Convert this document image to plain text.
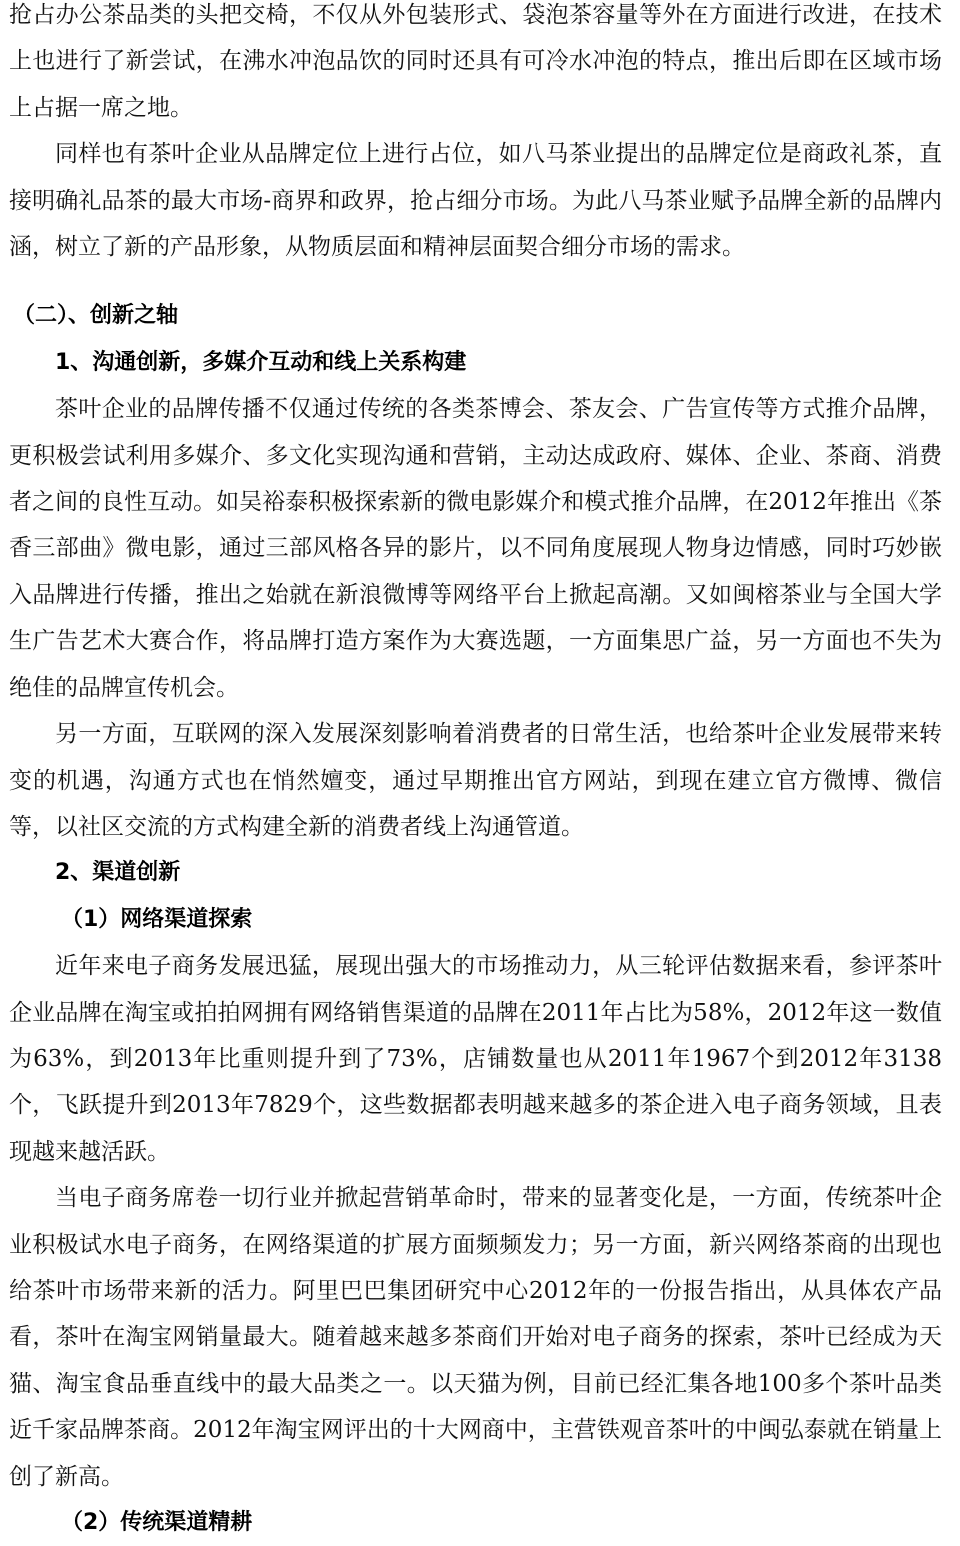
抢占办公茶品类的头把交椅，不仅从外包装形式、袋泡茶容量等外在方面进行改进，在技术上也进行了新尝试，在沸水冲泡品饮的同时还具有可冷水冲泡的特点，推出后即在区域市场上占据一席之地。

同样也有茶叶企业从品牌定位上进行占位，如八马茶业提出的品牌定位是商政礼茶，直接明确礼品茶的最大市场-商界和政界，抢占细分市场。为此八马茶业赋予品牌全新的品牌内涵，树立了新的产品形象，从物质层面和精神层面契合细分市场的需求。

（二）、创新之轴
1、沟通创新，多媒介互动和线上关系构建

茶叶企业的品牌传播不仅通过传统的各类茶博会、茶友会、广告宣传等方式推介品牌，更积极尝试利用多媒介、多文化实现沟通和营销，主动达成政府、媒体、企业、茶商、消费者之间的良性互动。如吴裕泰积极探索新的微电影媒介和模式推介品牌，在2012年推出《茶香三部曲》微电影，通过三部风格各异的影片，以不同角度展现人物身边情感，同时巧妙嵌入品牌进行传播，推出之始就在新浪微博等网络平台上掀起高潮。又如闽榕茶业与全国大学生广告艺术大赛合作，将品牌打造方案作为大赛选题，一方面集思广益，另一方面也不失为绝佳的品牌宣传机会。

另一方面，互联网的深入发展深刻影响着消费者的日常生活，也给茶叶企业发展带来转变的机遇，沟通方式也在悄然嬗变，通过早期推出官方网站，到现在建立官方微博、微信等，以社区交流的方式构建全新的消费者线上沟通管道。

2、渠道创新
（1）网络渠道探索

近年来电子商务发展迅猛，展现出强大的市场推动力，从三轮评估数据来看，参评茶叶企业品牌在淘宝或拍拍网拥有网络销售渠道的品牌在2011年占比为58%，2012年这一数值为63%，到2013年比重则提升到了73%，店铺数量也从2011年1967个到2012年3138个，飞跃提升到2013年7829个，这些数据都表明越来越多的茶企进入电子商务领域，且表现越来越活跃。

当电子商务席卷一切行业并掀起营销革命时，带来的显著变化是，一方面，传统茶叶企业积极试水电子商务，在网络渠道的扩展方面频频发力；另一方面，新兴网络茶商的出现也给茶叶市场带来新的活力。阿里巴巴集团研究中心2012年的一份报告指出，从具体农产品看，茶叶在淘宝网销量最大。随着越来越多茶商们开始对电子商务的探索，茶叶已经成为天猫、淘宝食品垂直线中的最大品类之一。以天猫为例，目前已经汇集各地100多个茶叶品类近千家品牌茶商。2012年淘宝网评出的十大网商中，主营铁观音茶叶的中闽弘泰就在销量上创了新高。

（2）传统渠道精耕
